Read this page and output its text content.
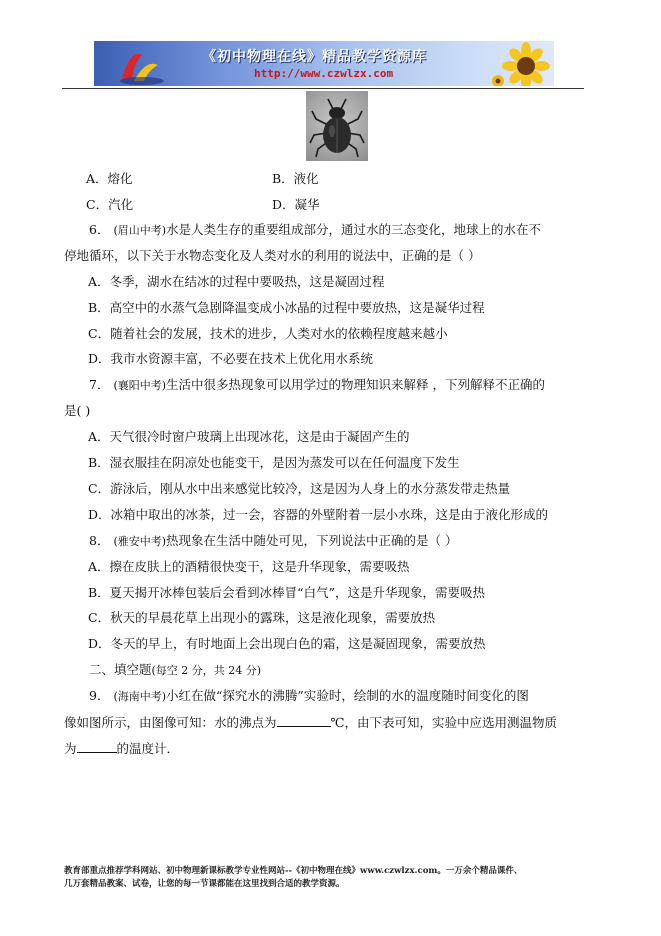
《初中物理在线》精品教学资源库
http://www.czwlzx.com
A．熔化	B．液化
C．汽化	D．凝华
6． (眉山中考)水是人类生存的重要组成部分，通过水的三态变化，地球上的水在不
停地循环，以下关于水物态变化及人类对水的利用的说法中，正确的是（ ）
A．冬季，湖水在结冰的过程中要吸热，这是凝固过程
B．高空中的水蒸气急剧降温变成小冰晶的过程中要放热，这是凝华过程
C．随着社会的发展，技术的进步，人类对水的依赖程度越来越小
D．我市水资源丰富，不必要在技术上优化用水系统
7． (襄阳中考)生活中很多热现象可以用学过的物理知识来解释 ，下列解释不正确的
是( )
A．天气很冷时窗户玻璃上出现冰花，这是由于凝固产生的
B．湿衣服挂在阴凉处也能变干，是因为蒸发可以在任何温度下发生
C．游泳后，刚从水中出来感觉比较冷，这是因为人身上的水分蒸发带走热量
D．冰箱中取出的冰茶，过一会，容器的外壁附着一层小水珠，这是由于液化形成的
8． (雅安中考)热现象在生活中随处可见，下列说法中正确的是（ ）
A．擦在皮肤上的酒精很快变干，这是升华现象，需要吸热
B．夏天揭开冰棒包装后会看到冰棒冒“白气”，这是升华现象，需要吸热
C．秋天的早晨花草上出现小的露珠，这是液化现象，需要放热
D．冬天的早上，有时地面上会出现白色的霜，这是凝固现象，需要放热
二、填空题(每空 2 分，共 24 分)
9． (海南中考)小红在做“探究水的沸腾”实验时，绘制的水的温度随时间变化的图
像如图所示，由图像可知：水的沸点为	℃，由下表可知，实验中应选用测温物质
为	的温度计．
教育部重点推荐学科网站、初中物理新课标教学专业性网站--《初中物理在线》www.czwlzx.com。一万余个精品课件、
几万套精品教案、试卷，让您的每一节课都能在这里找到合适的教学资源。
